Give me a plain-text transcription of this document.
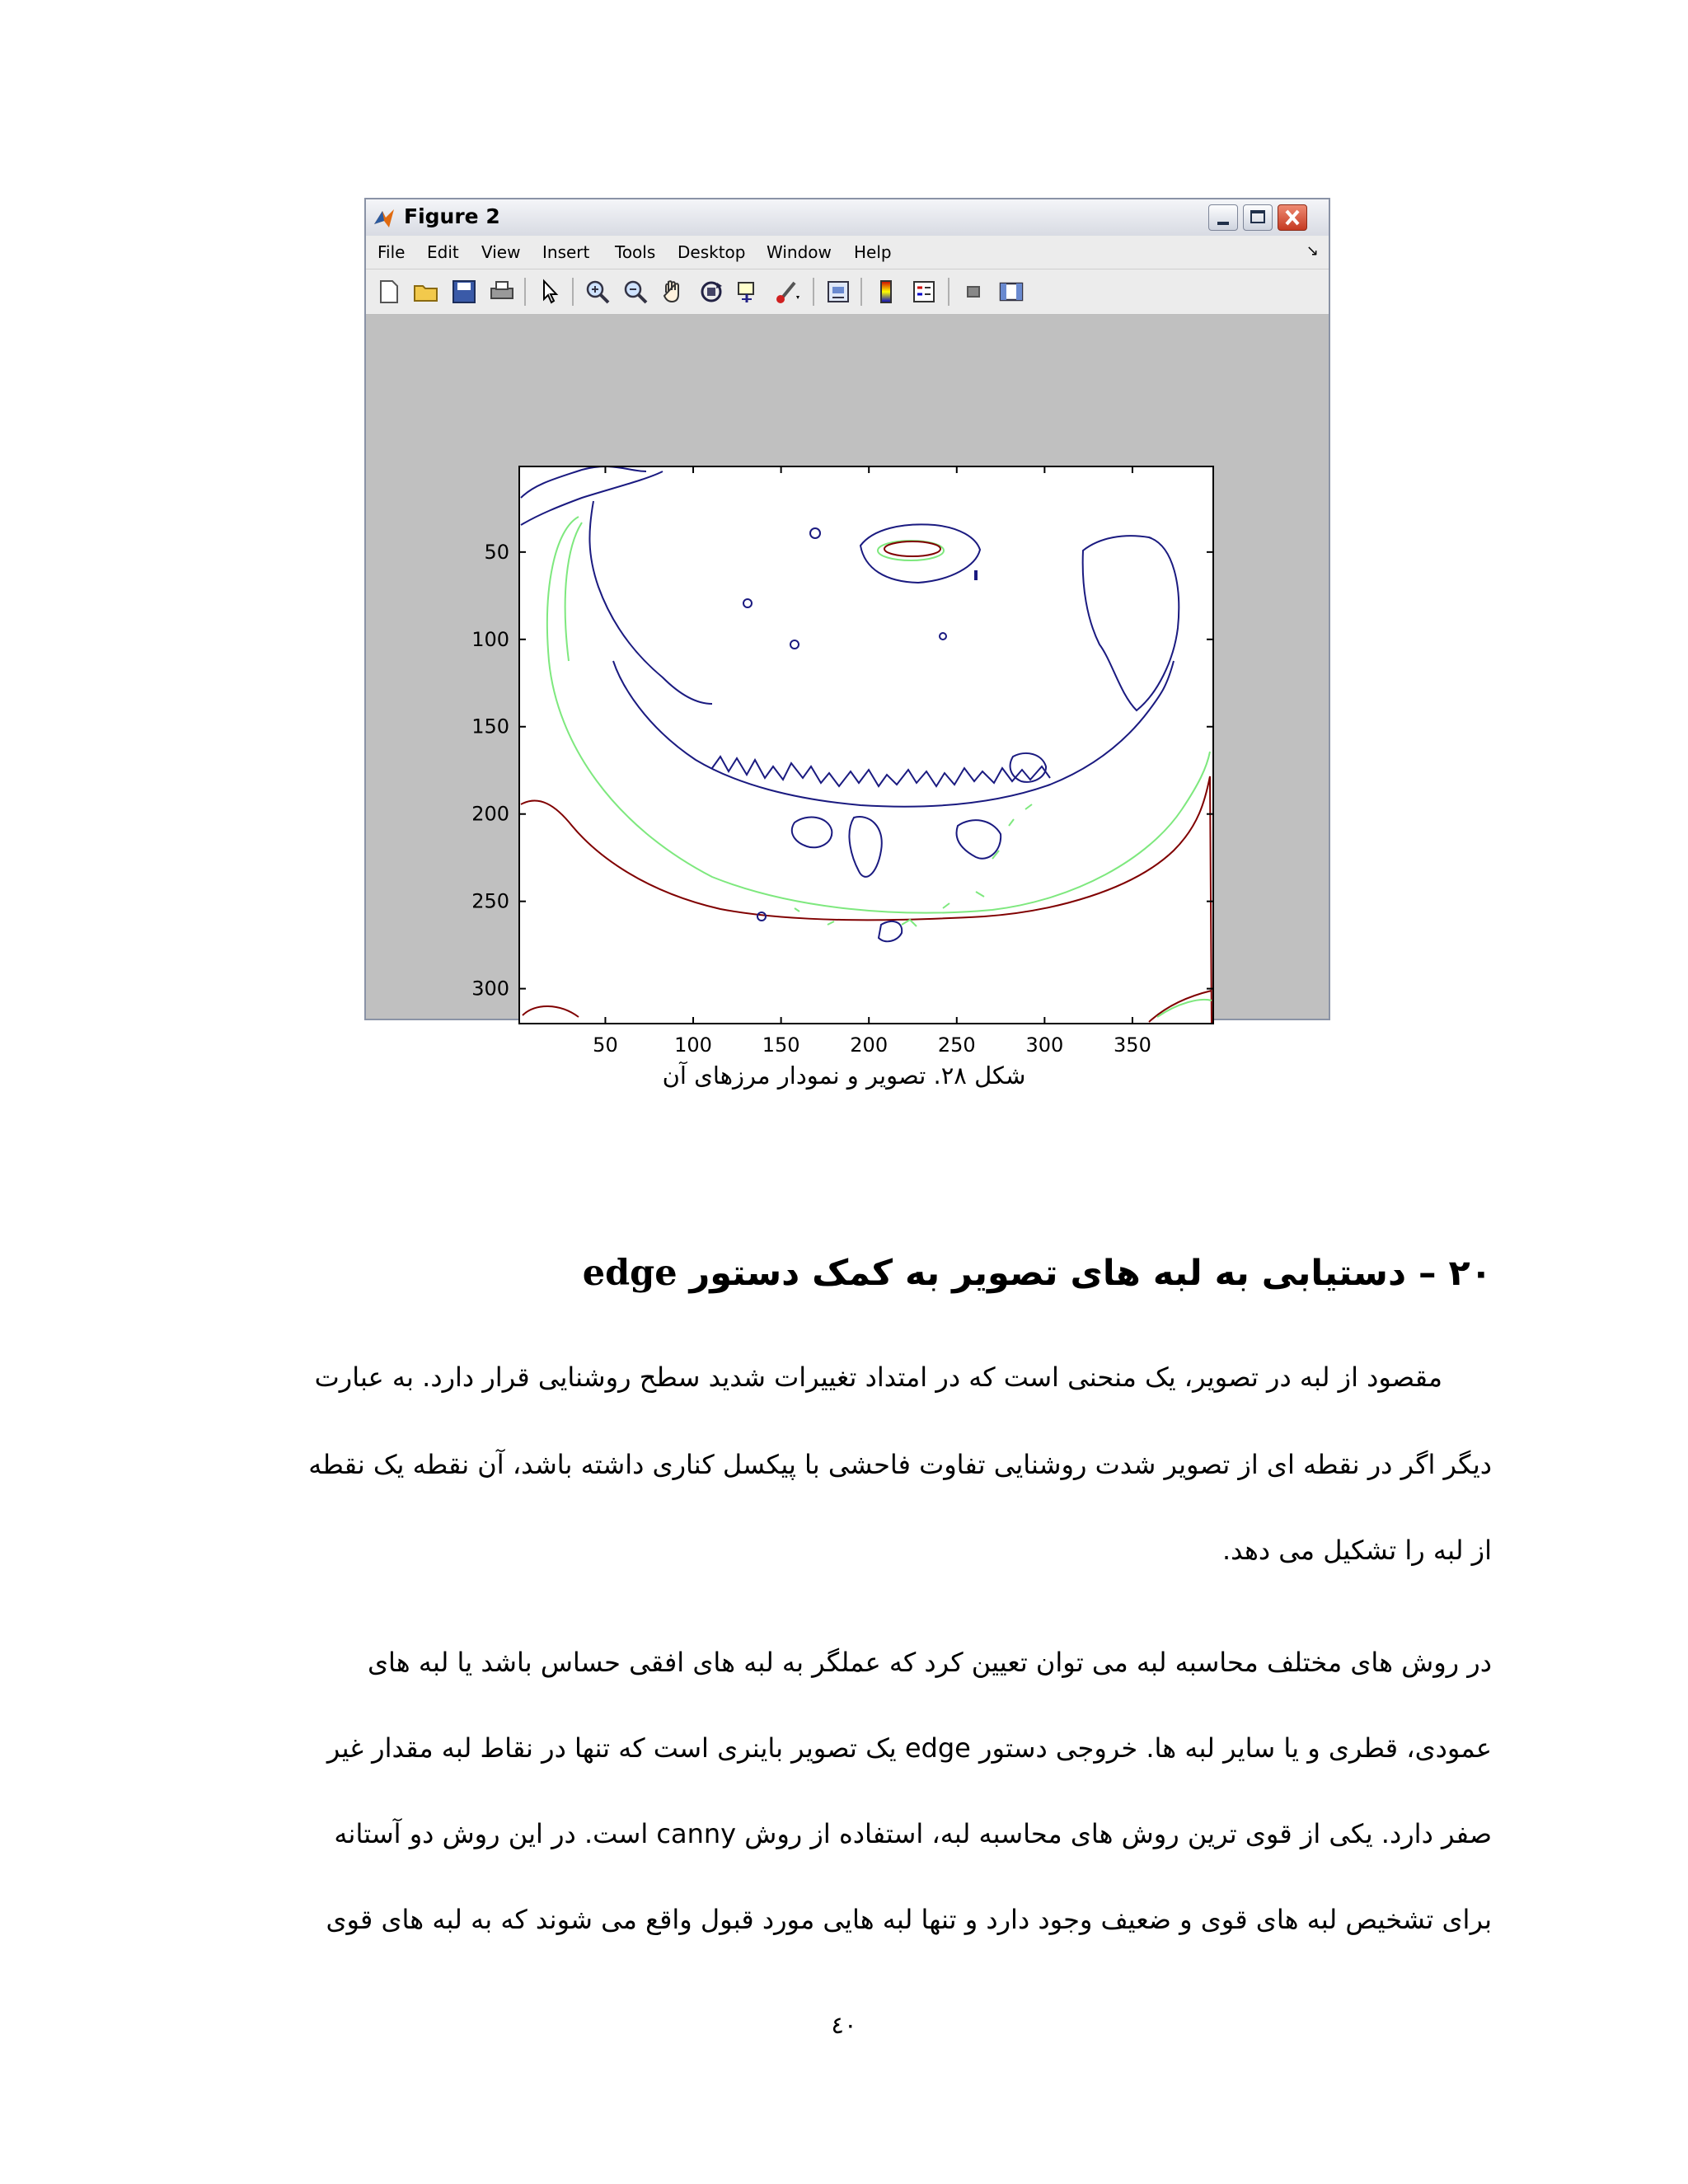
Figure 2
File Edit View Insert Tools Desktop Window Help	↘
50
100
150
200
250
300
50	100	150	200	250	300	350
شکل ۲۸. تصویر و نمودار مرزهای آن
۲۰ – دستیابی به لبه های تصویر به کمک دستور edge
مقصود از لبه در تصویر، یک منحنی است که در امتداد تغییرات شدید سطح روشنایی قرار دارد. به عبارت
دیگر اگر در نقطه ای از تصویر شدت روشنایی تفاوت فاحشی با پیکسل کناری داشته باشد، آن نقطه یک نقطه
از لبه را تشکیل می دهد.
در روش های مختلف محاسبه لبه می توان تعیین کرد که عملگر به لبه های افقی حساس باشد یا لبه های
عمودی، قطری و یا سایر لبه ها. خروجی دستور edge یک تصویر باینری است که تنها در نقاط لبه مقدار غیر
صفر دارد. یکی از قوی ترین روش های محاسبه لبه، استفاده از روش canny است. در این روش دو آستانه
برای تشخیص لبه های قوی و ضعیف وجود دارد و تنها لبه هایی مورد قبول واقع می شوند که به لبه های قوی
٤٠
